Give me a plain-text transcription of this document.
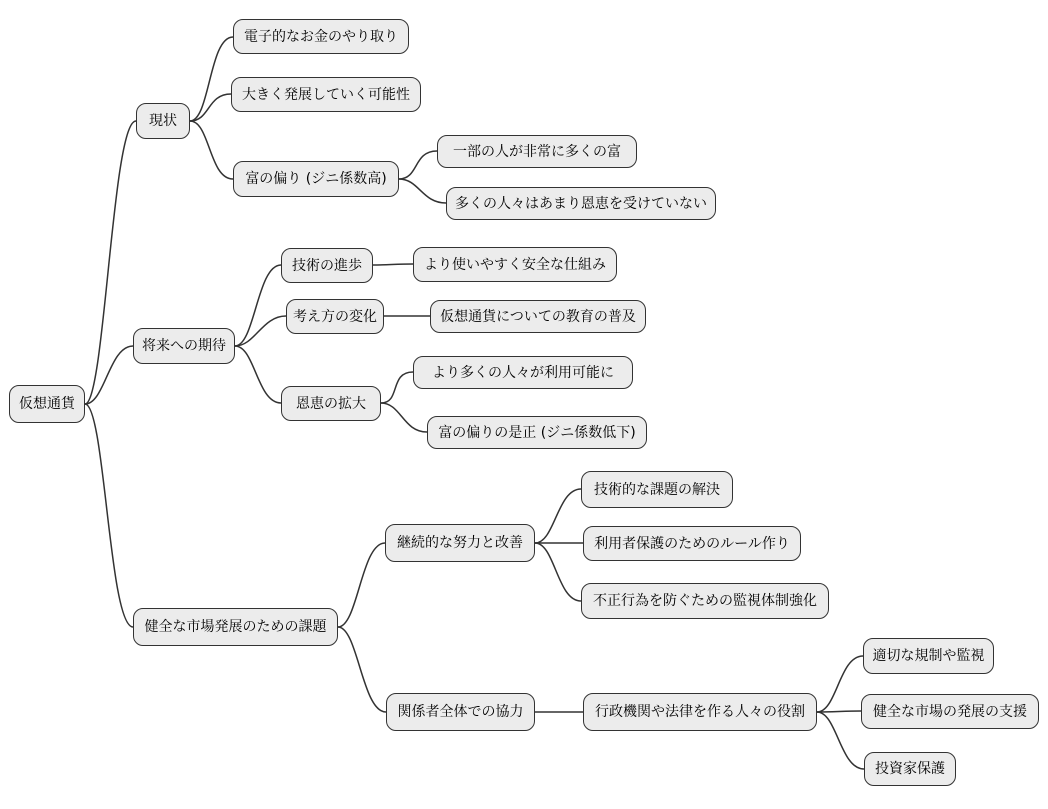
仮想通貨
現状
電子的なお金のやり取り
大きく発展していく可能性
富の偏り (ジニ係数高)
一部の人が非常に多くの富
多くの人々はあまり恩恵を受けていない
将来への期待
技術の進歩	より使いやすく安全な仕組み
考え方の変化	仮想通貨についての教育の普及
恩恵の拡大
より多くの人々が利用可能に
富の偏りの是正 (ジニ係数低下)
健全な市場発展のための課題
継続的な努力と改善
技術的な課題の解決
利用者保護のためのルール作り
不正行為を防ぐための監視体制強化
関係者全体での協力	行政機関や法律を作る人々の役割
適切な規制や監視
健全な市場の発展の支援
投資家保護
